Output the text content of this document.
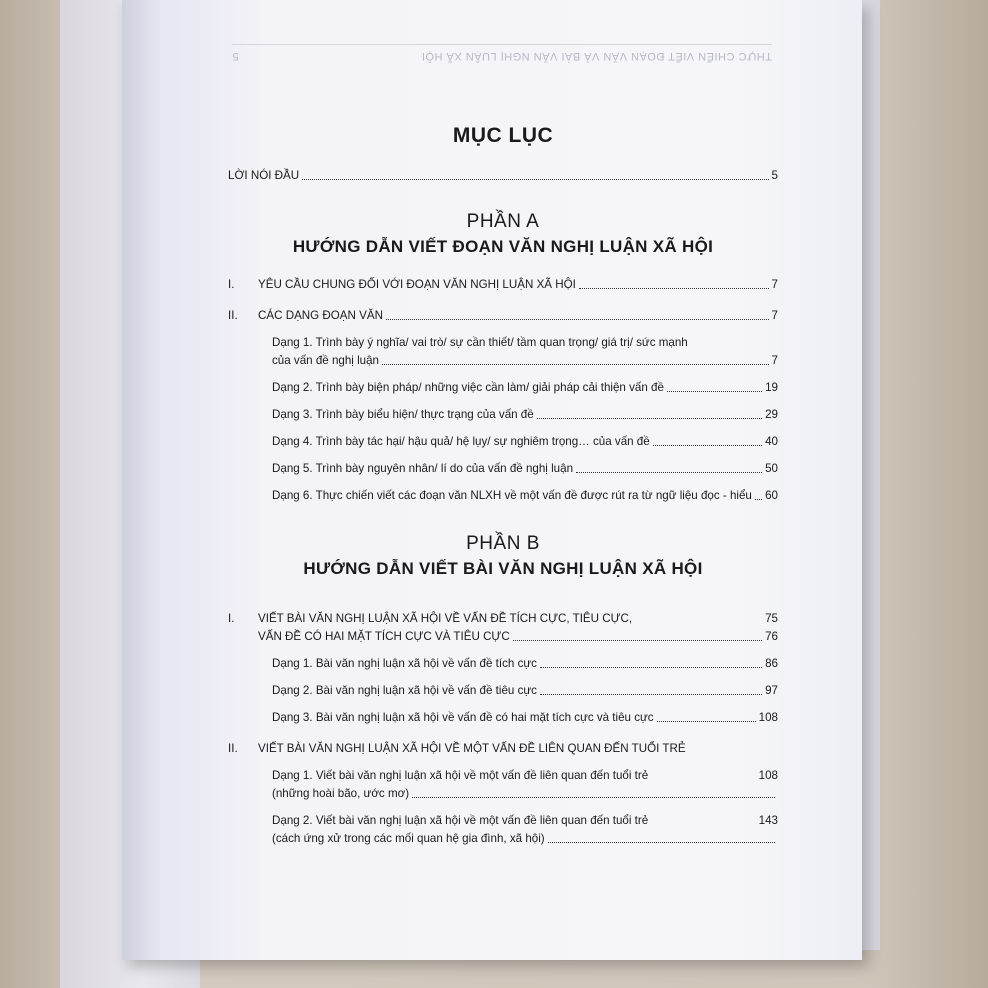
THỰC CHIẾN VIẾT ĐOẠN VĂN VÀ BÀI VĂN NGHỊ LUẬN XÃ HỘI
5
MỤC LỤC
LỜI NÓI ĐẦU	5
PHẦN A
HƯỚNG DẪN VIẾT ĐOẠN VĂN NGHỊ LUẬN XÃ HỘI
I. YÊU CẦU CHUNG ĐỐI VỚI ĐOẠN VĂN NGHỊ LUẬN XÃ HỘI	7
II. CÁC DẠNG ĐOẠN VĂN	7
Dạng 1. Trình bày ý nghĩa/ vai trò/ sự cần thiết/ tầm quan trọng/ giá trị/ sức mạnh
của vấn đề nghị luận	7
Dạng 2. Trình bày biện pháp/ những việc cần làm/ giải pháp cải thiện vấn đề	19
Dạng 3. Trình bày biểu hiện/ thực trạng của vấn đề	29
Dạng 4. Trình bày tác hại/ hậu quả/ hệ lụy/ sự nghiêm trọng… của vấn đề	40
Dạng 5. Trình bày nguyên nhân/ lí do của vấn đề nghị luận	50
Dạng 6. Thực chiến viết các đoạn văn NLXH về một vấn đề được rút ra từ ngữ liệu đọc - hiểu 60
PHẦN B
HƯỚNG DẪN VIẾT BÀI VĂN NGHỊ LUẬN XÃ HỘI
I. VIẾT BÀI VĂN NGHỊ LUẬN XÃ HỘI VỀ VẤN ĐỀ TÍCH CỰC, TIÊU CỰC,	75
VẤN ĐỀ CÓ HAI MẶT TÍCH CỰC VÀ TIÊU CỰC	76
Dạng 1. Bài văn nghị luận xã hội về vấn đề tích cực	86
Dạng 2. Bài văn nghị luận xã hội về vấn đề tiêu cực	97
Dạng 3. Bài văn nghị luận xã hội về vấn đề có hai mặt tích cực và tiêu cực	108
II. VIẾT BÀI VĂN NGHỊ LUẬN XÃ HỘI VỀ MỘT VẤN ĐỀ LIÊN QUAN ĐẾN TUỔI TRẺ
Dạng 1. Viết bài văn nghị luận xã hội về một vấn đề liên quan đến tuổi trẻ	108
(những hoài bão, ước mơ)
Dạng 2. Viết bài văn nghị luận xã hội về một vấn đề liên quan đến tuổi trẻ	143
(cách ứng xử trong các mối quan hệ gia đình, xã hội)
